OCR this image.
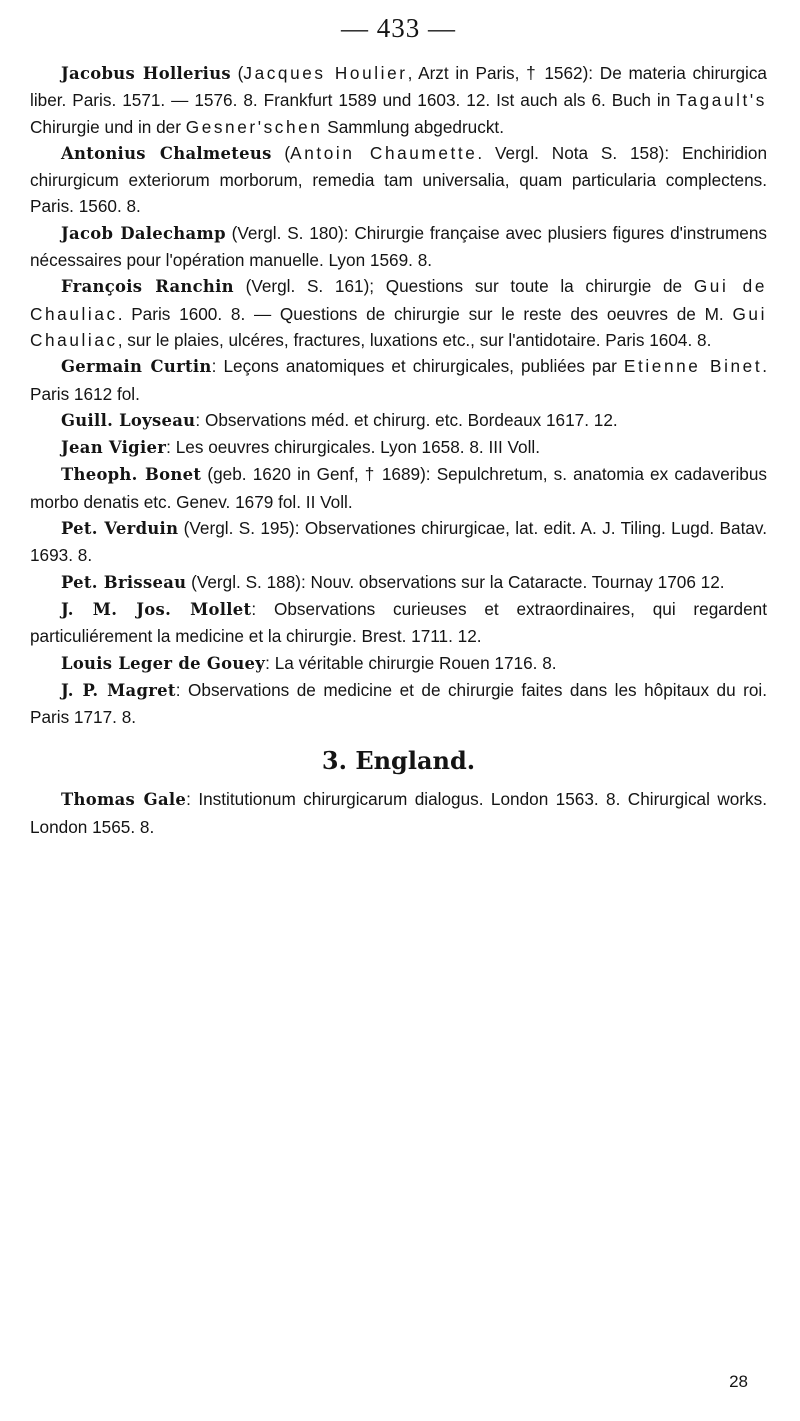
— 433 —

Jacobus Hollerius (Jacques Houlier, Arzt in Paris, † 1562): De materia chirurgica liber. Paris. 1571. — 1576. 8. Frankfurt 1589 und 1603. 12. Ist auch als 6. Buch in Tagault's Chirurgie und in der Gesner'schen Sammlung abgedruckt.

Antonius Chalmeteus (Antoin Chaumette. Vergl. Nota S. 158): Enchiridion chirurgicum exteriorum morborum, remedia tam universalia, quam particularia complectens. Paris. 1560. 8.

Jacob Dalechamp (Vergl. S. 180): Chirurgie française avec plusiers figures d'instrumens nécessaires pour l'opération manuelle. Lyon 1569. 8.

François Ranchin (Vergl. S. 161); Questions sur toute la chirurgie de Gui de Chauliac. Paris 1600. 8. — Questions de chirurgie sur le reste des oeuvres de M. Gui Chauliac, sur le plaies, ulcéres, fractures, luxations etc., sur l'antidotaire. Paris 1604. 8.

Germain Curtin: Leçons anatomiques et chirurgicales, publiées par Etienne Binet. Paris 1612 fol.

Guill. Loyseau: Observations méd. et chirurg. etc. Bordeaux 1617. 12.

Jean Vigier: Les oeuvres chirurgicales. Lyon 1658. 8. III Voll.

Theoph. Bonet (geb. 1620 in Genf, † 1689): Sepulchretum, s. anatomia ex cadaveribus morbo denatis etc. Genev. 1679 fol. II Voll.

Pet. Verduin (Vergl. S. 195): Observationes chirurgicae, lat. edit. A. J. Tiling. Lugd. Batav. 1693. 8.

Pet. Brisseau (Vergl. S. 188): Nouv. observations sur la Cataracte. Tournay 1706 12.

J. M. Jos. Mollet: Observations curieuses et extraordinaires, qui regardent particuliérement la medicine et la chirurgie. Brest. 1711. 12.

Louis Leger de Gouey: La véritable chirurgie Rouen 1716. 8.

J. P. Magret: Observations de medicine et de chirurgie faites dans les hôpitaux du roi. Paris 1717. 8.

3. England.

Thomas Gale: Institutionum chirurgicarum dialogus. London 1563. 8. Chirurgical works. London 1565. 8.

28
